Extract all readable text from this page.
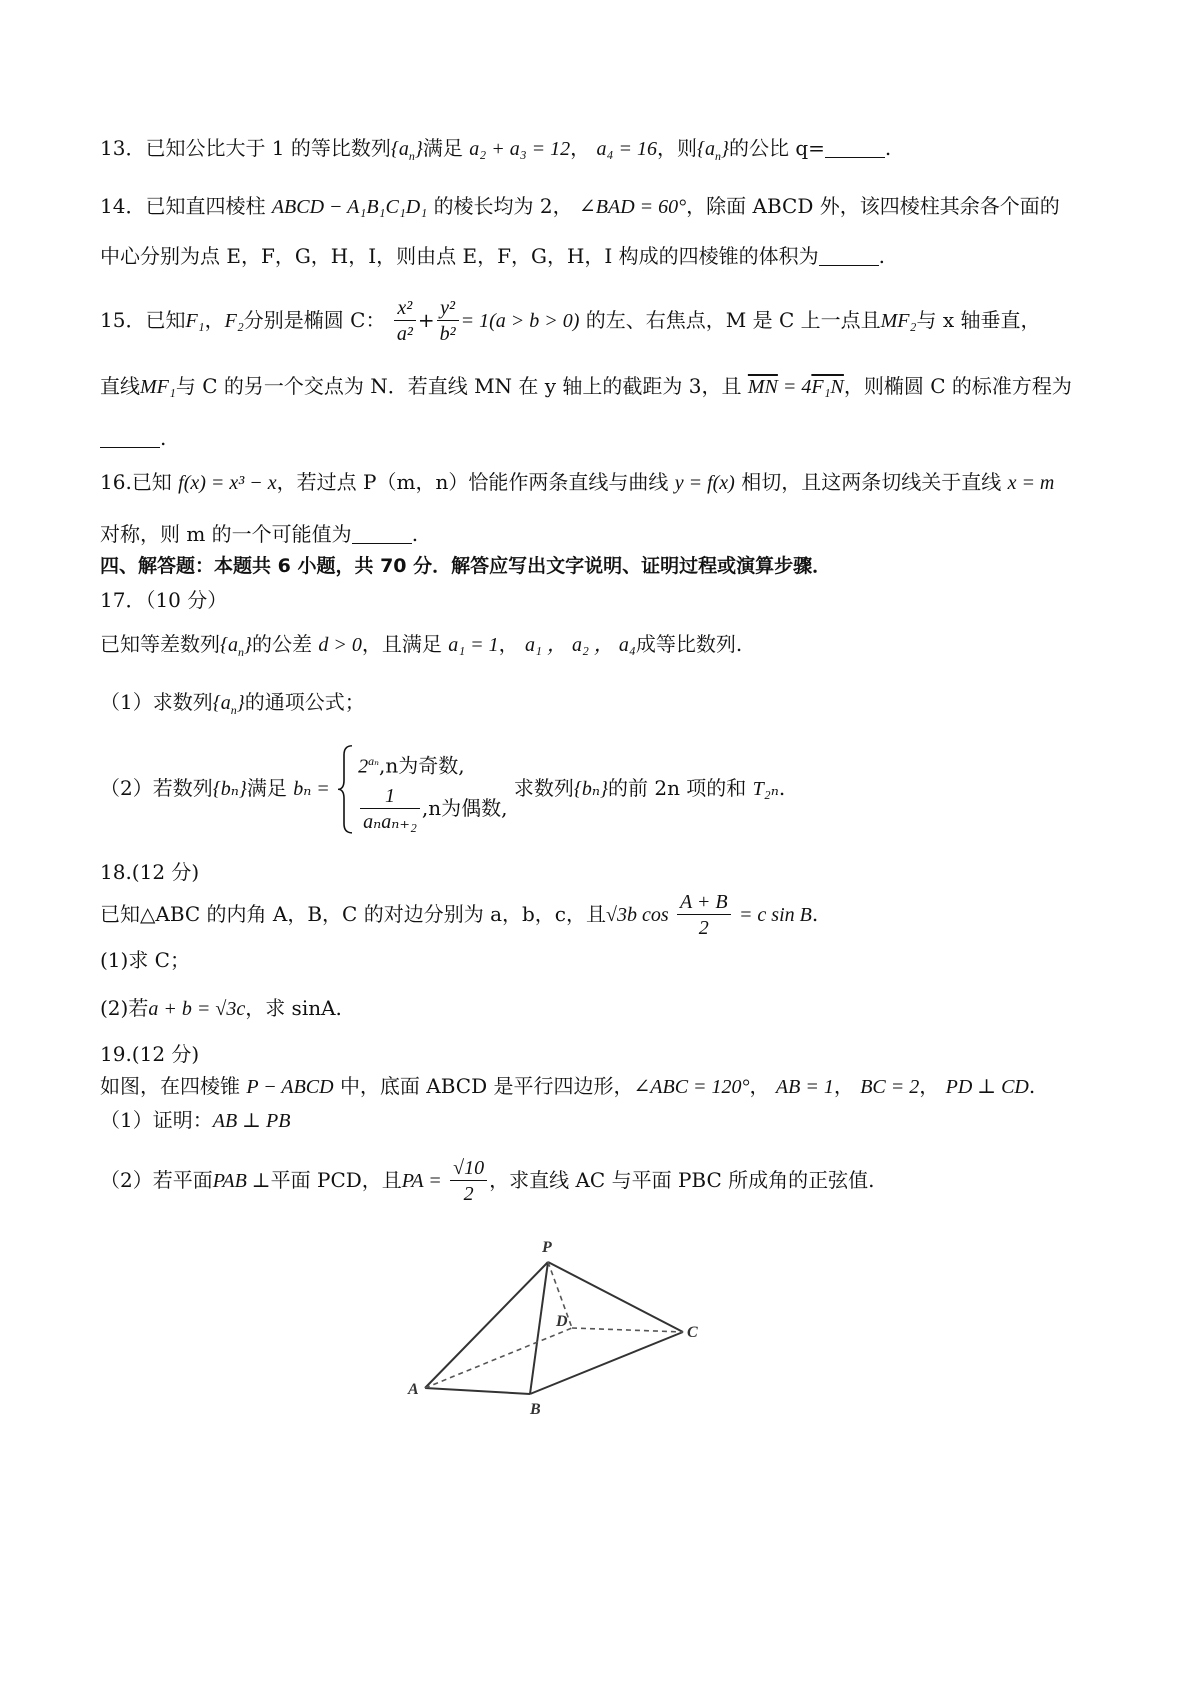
13．已知公比大于 1 的等比数列$\{a_n\}$满足 a₂ + a₃ = 12， a₄ = 16，则$\{a_n\}$的公比 q=	.
14．已知直四棱柱 ABCD − A₁B₁C₁D₁ 的棱长均为 2， ∠BAD = 60°，除面 ABCD 外，该四棱柱其余各个面的
中心分别为点 E，F，G，H，I，则由点 E，F，G，H，I 构成的四棱锥的体积为	.
15．已知F₁，F₂分别是椭圆 C： $\frac{\text{x²}}{\text{a²}} + \frac{\text{y²}}{\text{b²}} = 1(a > b > 0)$ 的左、右焦点，M 是 C 上一点且MF₂与 x 轴垂直，
直线MF₁与 C 的另一个交点为 N．若直线 MN 在 y 轴上的截距为 3，且 $\overline{MN} = 4F_1N$，则椭圆 C 的标准方程为
.
16.已知 f(x) = x³ − x，若过点 P（m，n）恰能作两条直线与曲线 y = f(x) 相切，且这两条切线关于直线 x = m
对称，则 m 的一个可能值为	.
四、解答题：本题共 6 小题，共 70 分．解答应写出文字说明、证明过程或演算步骤．
17．（10 分）
已知等差数列$\{a_n\}$的公差 d > 0，且满足 a₁ = 1， a₁ ， a₂ ， a₄成等比数列.
（1）求数列$\{a_n\}$的通项公式；
（2）若数列{bₙ}满足 bₙ =
$2^{a_n},n$为奇数,
$\frac{1}{\text{aₙaₙ₊₂}} ,n$为偶数,
求数列{bₙ}的前 2n 项的和 T₂ₙ.
18.(12 分)
已知△ABC 的内角 A，B，C 的对边分别为 a，b，c，且√3b $\cos \frac{A + B}{2} = c$ sin B.
(1)求 C；
(2)若a + b = √3c，求 sinA.
19.(12 分)
如图，在四棱锥 P − ABCD 中，底面 ABCD 是平行四边形，∠ABC = 120°， AB = 1， BC = 2， PD ⊥ CD.
（1）证明：AB ⊥ PB
（2）若平面PAB ⊥平面 PCD，且PA = $\frac{√10}{2}$ ，求直线 AC 与平面 PBC 所成角的正弦值.
P
A
B
C
D
